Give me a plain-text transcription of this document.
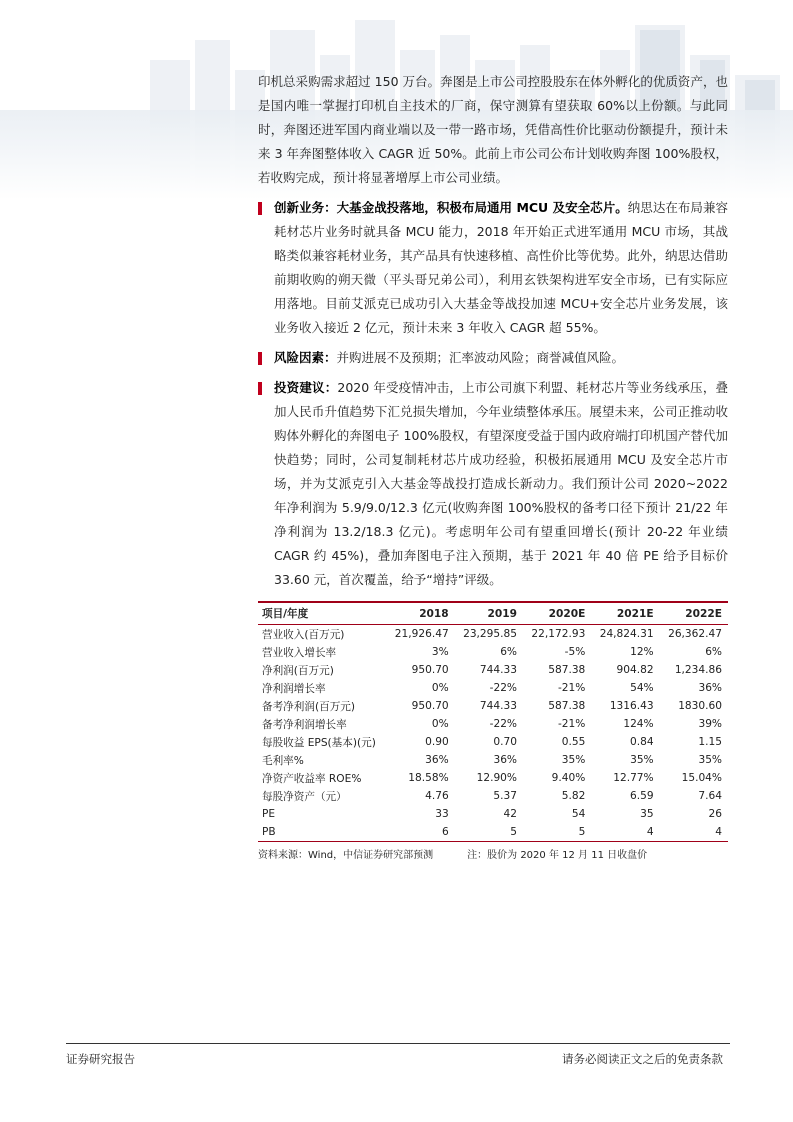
印机总采购需求超过 150 万台。奔图是上市公司控股股东在体外孵化的优质资产，也是国内唯一掌握打印机自主技术的厂商，保守测算有望获取 60%以上份额。与此同时，奔图还进军国内商业端以及一带一路市场，凭借高性价比驱动份额提升，预计未来 3 年奔图整体收入 CAGR 近 50%。此前上市公司公布计划收购奔图 100%股权，若收购完成，预计将显著增厚上市公司业绩。

创新业务：大基金战投落地，积极布局通用 MCU 及安全芯片。纳思达在布局兼容耗材芯片业务时就具备 MCU 能力，2018 年开始正式进军通用 MCU 市场，其战略类似兼容耗材业务，其产品具有快速移植、高性价比等优势。此外，纳思达借助前期收购的朔天微（平头哥兄弟公司），利用玄铁架构进军安全市场，已有实际应用落地。目前艾派克已成功引入大基金等战投加速 MCU+安全芯片业务发展，该业务收入接近 2 亿元，预计未来 3 年收入 CAGR 超 55%。

风险因素：并购进展不及预期；汇率波动风险；商誉减值风险。

投资建议：2020 年受疫情冲击，上市公司旗下利盟、耗材芯片等业务线承压，叠加人民币升值趋势下汇兑损失增加，今年业绩整体承压。展望未来，公司正推动收购体外孵化的奔图电子 100%股权，有望深度受益于国内政府端打印机国产替代加快趋势；同时，公司复制耗材芯片成功经验，积极拓展通用 MCU 及安全芯片市场，并为艾派克引入大基金等战投打造成长新动力。我们预计公司 2020~2022 年净利润为 5.9/9.0/12.3 亿元(收购奔图 100%股权的备考口径下预计 21/22 年净利润为 13.2/18.3 亿元)。考虑明年公司有望重回增长(预计 20-22 年业绩 CAGR 约 45%)，叠加奔图电子注入预期，基于 2021 年 40 倍 PE 给予目标价 33.60 元，首次覆盖，给予“增持”评级。

项目/年度	2018	2019	2020E	2021E	2022E
营业收入(百万元)	21,926.47	23,295.85	22,172.93	24,824.31	26,362.47
营业收入增长率	3%	6%	-5%	12%	6%
净利润(百万元)	950.70	744.33	587.38	904.82	1,234.86
净利润增长率	0%	-22%	-21%	54%	36%
备考净利润(百万元)	950.70	744.33	587.38	1316.43	1830.60
备考净利润增长率	0%	-22%	-21%	124%	39%
每股收益 EPS(基本)(元)	0.90	0.70	0.55	0.84	1.15
毛利率%	36%	36%	35%	35%	35%
净资产收益率 ROE%	18.58%	12.90%	9.40%	12.77%	15.04%
每股净资产（元）	4.76	5.37	5.82	6.59	7.64
PE	33	42	54	35	26
PB	6	5	5	4	4
资料来源：Wind，中信证券研究部预测	注：股价为 2020 年 12 月 11 日收盘价
证券研究报告	请务必阅读正文之后的免责条款
